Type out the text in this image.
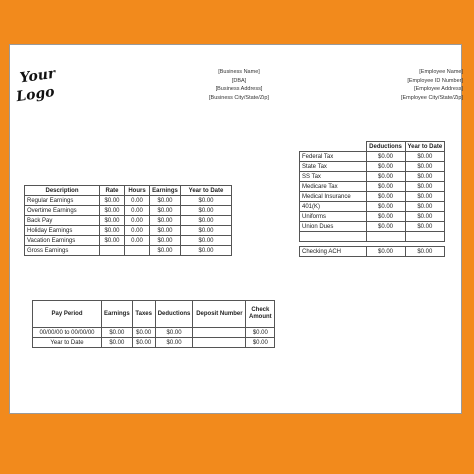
Your
Logo
[Business Name]
[DBA]
[Business Address]
[Business City/State/Zip]
[Employee Name]
[Employee ID Number]
[Employee Address]
[Employee City/State/Zip]
	Deductions	Year to Date
Federal Tax	$0.00	$0.00
State Tax	$0.00	$0.00
SS Tax	$0.00	$0.00
Medicare Tax	$0.00	$0.00
Medical Insurance	$0.00	$0.00
401(K)	$0.00	$0.00
Uniforms	$0.00	$0.00
Union Dues	$0.00	$0.00

Checking ACH	$0.00	$0.00
Description	Rate	Hours	Earnings	Year to Date
Regular Earnings	$0.00	0.00	$0.00	$0.00
Overtime Earnings	$0.00	0.00	$0.00	$0.00
Back Pay	$0.00	0.00	$0.00	$0.00
Holiday Earnings	$0.00	0.00	$0.00	$0.00
Vacation Earnings	$0.00	0.00	$0.00	$0.00
Gross Earnings			$0.00	$0.00
Pay Period	Earnings	Taxes	Deductions	Deposit Number	Check Amount
00/00/00 to 00/00/00	$0.00	$0.00	$0.00		$0.00
Year to Date	$0.00	$0.00	$0.00		$0.00
